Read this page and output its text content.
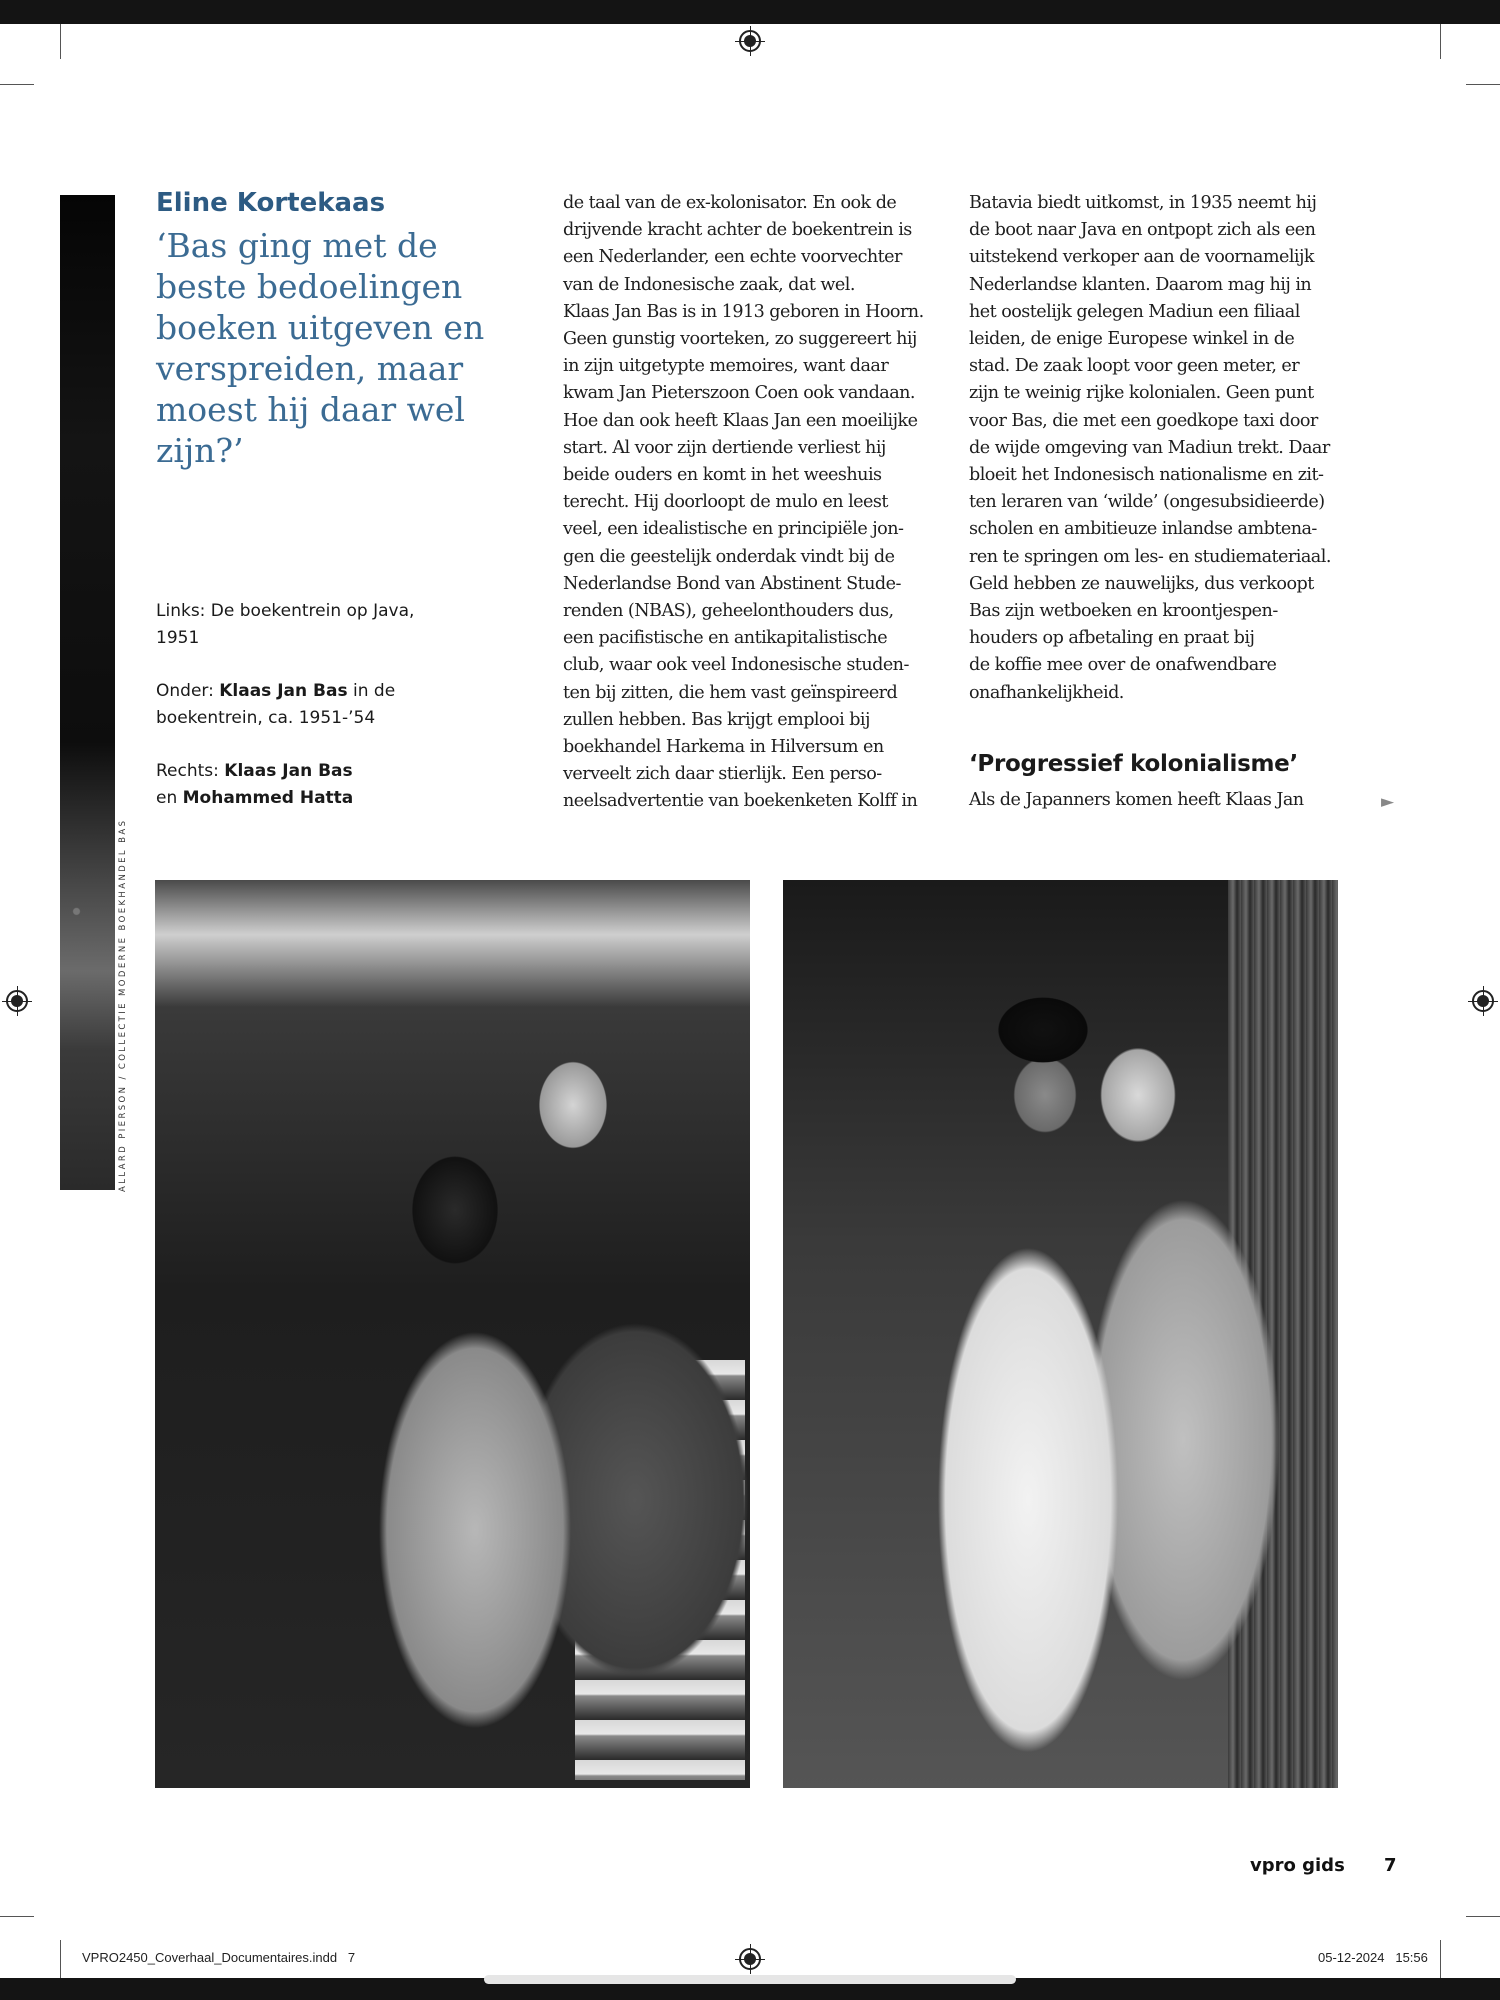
ALLARD PIERSON / COLLECTIE MODERNE BOEKHANDEL BAS
Eline Kortekaas
‘Bas ging met de beste bedoelingen boeken uitgeven en verspreiden, maar moest hij daar wel zijn?’

Links: De boekentrein op Java, 1951

Onder: Klaas Jan Bas in de boekentrein, ca. 1951-’54

Rechts: Klaas Jan Bas
en Mohammed Hatta

de taal van de ex-kolonisator. En ook de
drijvende kracht achter de boekentrein is
een Nederlander, een echte voorvechter
van de Indonesische zaak, dat wel.
Klaas Jan Bas is in 1913 geboren in Hoorn.
Geen gunstig voorteken, zo suggereert hij
in zijn uitgetypte memoires, want daar
kwam Jan Pieterszoon Coen ook vandaan.
Hoe dan ook heeft Klaas Jan een moeilijke
start. Al voor zijn dertiende verliest hij
beide ouders en komt in het weeshuis
terecht. Hij doorloopt de mulo en leest
veel, een idealistische en principiële jon-
gen die geestelijk onderdak vindt bij de
Nederlandse Bond van Abstinent Stude-
renden (NBAS), geheelonthouders dus,
een pacifistische en antikapitalistische
club, waar ook veel Indonesische studen-
ten bij zitten, die hem vast geïnspireerd
zullen hebben. Bas krijgt emplooi bij
boekhandel Harkema in Hilversum en
verveelt zich daar stierlijk. Een perso-
neelsadvertentie van boekenketen Kolff in
Batavia biedt uitkomst, in 1935 neemt hij
de boot naar Java en ontpopt zich als een
uitstekend verkoper aan de voornamelijk
Nederlandse klanten. Daarom mag hij in
het oostelijk gelegen Madiun een filiaal
leiden, de enige Europese winkel in de
stad. De zaak loopt voor geen meter, er
zijn te weinig rijke kolonialen. Geen punt
voor Bas, die met een goedkope taxi door
de wijde omgeving van Madiun trekt. Daar
bloeit het Indonesisch nationalisme en zit-
ten leraren van ‘wilde’ (ongesubsidieerde)
scholen en ambitieuze inlandse ambtena-
ren te springen om les- en studiemateriaal.
Geld hebben ze nauwelijks, dus verkoopt
Bas zijn wetboeken en kroontjespen-
houders op afbetaling en praat bij
de koffie mee over de onafwendbare
onafhankelijkheid.
‘Progressief kolonialisme’
Als de Japanners komen heeft Klaas Jan	►
vpro gids 7
VPRO2450_Coverhaal_Documentaires.indd   7	05-12-2024   15:56
